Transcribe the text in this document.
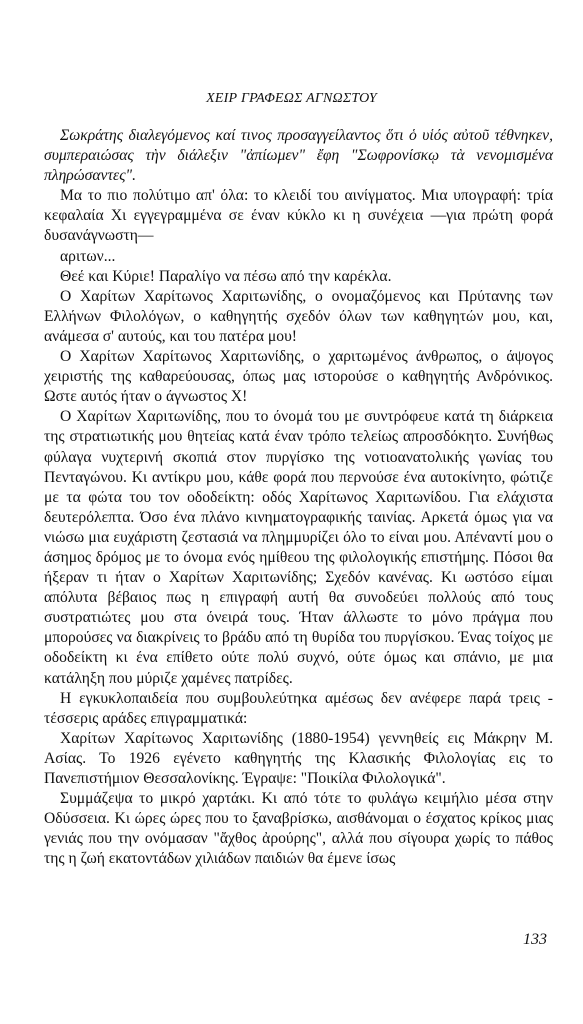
ΧΕΙΡ ΓΡΑΦΕΩΣ ΑΓΝΩΣΤΟΥ

Σωκράτης διαλεγόμενος καί τινος προσαγγείλαντος ὅτι ὁ υἱός αὐτοῦ τέθνηκεν, συμπεραιώσας τὴν διάλεξιν "ἀπίωμεν" ἔφη "Σωφρονίσκῳ τὰ νενομισμένα πληρώσαντες".

Μα το πιο πολύτιμο απ' όλα: το κλειδί του αινίγματος. Μια υπογραφή: τρία κεφαλαία Χι εγγεγραμμένα σε έναν κύκλο κι η συνέχεια —για πρώτη φορά δυσανάγνωστη—

αριτων...

Θεέ και Κύριε! Παραλίγο να πέσω από την καρέκλα.

Ο Χαρίτων Χαρίτωνος Χαριτωνίδης, ο ονομαζόμενος και Πρύτανης των Ελλήνων Φιλολόγων, ο καθηγητής σχεδόν όλων των καθηγητών μου, και, ανάμεσα σ' αυτούς, και του πατέρα μου!

Ο Χαρίτων Χαρίτωνος Χαριτωνίδης, ο χαριτωμένος άνθρωπος, ο άψογος χειριστής της καθαρεύουσας, όπως μας ιστορούσε ο καθηγητής Ανδρόνικος. Ωστε αυτός ήταν ο άγνωστος Χ!

Ο Χαρίτων Χαριτωνίδης, που το όνομά του με συντρόφευε κατά τη διάρκεια της στρατιωτικής μου θητείας κατά έναν τρόπο τελείως απροσδόκητο. Συνήθως φύλαγα νυχτερινή σκοπιά στον πυργίσκο της νοτιοανατολικής γωνίας του Πενταγώνου. Κι αντίκρυ μου, κάθε φορά που περνούσε ένα αυτοκίνητο, φώτιζε με τα φώτα του τον οδοδείκτη: οδός Χαρίτωνος Χαριτωνίδου. Για ελάχιστα δευτερόλεπτα. Όσο ένα πλάνο κινηματογραφικής ταινίας. Αρκετά όμως για να νιώσω μια ευχάριστη ζεστασιά να πλημμυρίζει όλο το είναι μου. Απέναντί μου ο άσημος δρόμος με το όνομα ενός ημίθεου της φιλολογικής επιστήμης. Πόσοι θα ήξεραν τι ήταν ο Χαρίτων Χαριτωνίδης; Σχεδόν κανένας. Κι ωστόσο είμαι απόλυτα βέβαιος πως η επιγραφή αυτή θα συνοδεύει πολλούς από τους συστρατιώτες μου στα όνειρά τους. Ήταν άλλωστε το μόνο πράγμα που μπορούσες να διακρίνεις το βράδυ από τη θυρίδα του πυργίσκου. Ένας τοίχος με οδοδείκτη κι ένα επίθετο ούτε πολύ συχνό, ούτε όμως και σπάνιο, με μια κατάληξη που μύριζε χαμένες πατρίδες.

Η εγκυκλοπαιδεία που συμβουλεύτηκα αμέσως δεν ανέφερε παρά τρεις - τέσσερις αράδες επιγραμματικά:

Χαρίτων Χαρίτωνος Χαριτωνίδης (1880-1954) γεννηθείς εις Μάκρην Μ. Ασίας. Το 1926 εγένετο καθηγητής της Κλασικής Φιλολογίας εις το Πανεπιστήμιον Θεσσαλονίκης. Έγραψε: "Ποικίλα Φιλολογικά".

Συμμάζεψα το μικρό χαρτάκι. Κι από τότε το φυλάγω κειμήλιο μέσα στην Οδύσσεια. Κι ώρες ώρες που το ξαναβρίσκω, αισθάνομαι ο έσχατος κρίκος μιας γενιάς που την ονόμασαν "ἄχθος ἀρούρης", αλλά που σίγουρα χωρίς το πάθος της η ζωή εκατοντάδων χιλιάδων παιδιών θα έμενε ίσως

133
